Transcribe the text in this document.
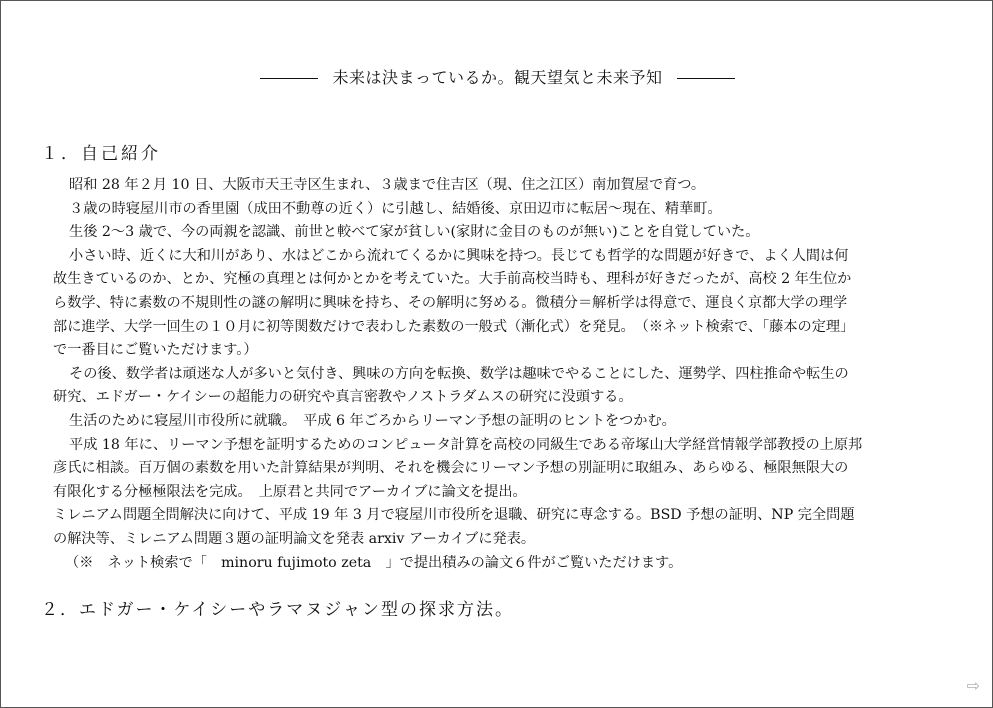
未来は決まっているか。観天望気と未来予知
１．自己紹介
昭和 28 年２月 10 日、大阪市天王寺区生まれ、３歳まで住吉区（現、住之江区）南加賀屋で育つ。
３歳の時寝屋川市の香里園（成田不動尊の近く）に引越し、結婚後、京田辺市に転居～現在、精華町。
生後 2～3 歳で、今の両親を認識、前世と較べて家が貧しい(家財に金目のものが無い)ことを自覚していた。
小さい時、近くに大和川があり、水はどこから流れてくるかに興味を持つ。長じても哲学的な問題が好きで、よく人間は何
故生きているのか、とか、究極の真理とは何かとかを考えていた。大手前高校当時も、理科が好きだったが、高校 2 年生位か
ら数学、特に素数の不規則性の謎の解明に興味を持ち、その解明に努める。微積分＝解析学は得意で、運良く京都大学の理学
部に進学、大学一回生の１０月に初等関数だけで表わした素数の一般式（漸化式）を発見。　（※ネット検索で、「藤本の定理」
で一番目にご覧いただけます。）
その後、数学者は頑迷な人が多いと気付き、興味の方向を転換、数学は趣味でやることにした、運勢学、四柱推命や転生の
研究、エドガー・ケイシーの超能力の研究や真言密教やノストラダムスの研究に没頭する。
生活のために寝屋川市役所に就職。　平成 6 年ごろからリーマン予想の証明のヒントをつかむ。
平成 18 年に、リーマン予想を証明するためのコンピュータ計算を高校の同級生である帝塚山大学経営情報学部教授の上原邦
彦氏に相談。百万個の素数を用いた計算結果が判明、それを機会にリーマン予想の別証明に取組み、あらゆる、極限無限大の
有限化する分極極限法を完成。　上原君と共同でアーカイブに論文を提出。
ミレニアム問題全問解決に向けて、平成 19 年 3 月で寝屋川市役所を退職、研究に専念する。BSD 予想の証明、NP 完全問題
の解決等、ミレニアム問題３題の証明論文を発表 arxiv アーカイブに発表。
（※　ネット検索で「　minoru fujimoto zeta　」で提出積みの論文６件がご覧いただけます。
２．エドガー・ケイシーやラマヌジャン型の探求方法。
⇨
